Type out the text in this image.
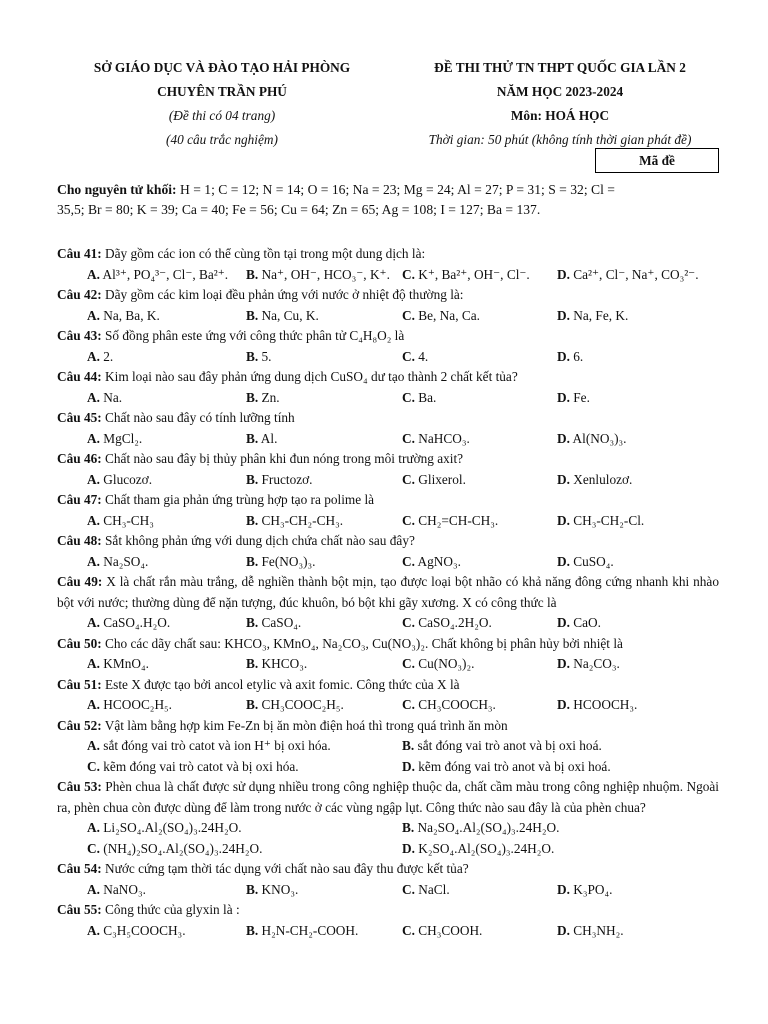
SỞ GIÁO DỤC VÀ ĐÀO TẠO HẢI PHÒNG
CHUYÊN TRẦN PHÚ
(Đề thi có 04 trang)
(40 câu trắc nghiệm)
ĐỀ THI THỬ TN THPT QUỐC GIA LẦN 2
NĂM HỌC 2023-2024
Môn: HOÁ HỌC
Thời gian: 50 phút (không tính thời gian phát đề)
Mã đề
Cho nguyên tử khối: H = 1; C = 12; N = 14; O = 16; Na = 23; Mg = 24; Al = 27; P = 31; S = 32; Cl =
35,5; Br = 80; K = 39; Ca = 40; Fe = 56; Cu = 64; Zn = 65; Ag = 108; I = 127; Ba = 137.
Câu 41: Dãy gồm các ion có thể cùng tồn tại trong một dung dịch là:
A. Al³⁺, PO₄³⁻, Cl⁻, Ba²⁺. B. Na⁺, OH⁻, HCO₃⁻, K⁺. C. K⁺, Ba²⁺, OH⁻, Cl⁻. D. Ca²⁺, Cl⁻, Na⁺, CO₃²⁻.
Câu 42: Dãy gồm các kim loại đều phản ứng với nước ở nhiệt độ thường là:
A. Na, Ba, K.	B. Na, Cu, K.	C. Be, Na, Ca.	D. Na, Fe, K.
Câu 43: Số đồng phân este ứng với công thức phân tử C₄H₈O₂ là
A. 2.	B. 5.	C. 4.	D. 6.
Câu 44: Kim loại nào sau đây phản ứng dung dịch CuSO₄ dư tạo thành 2 chất kết tủa?
A. Na.	B. Zn.	C. Ba.	D. Fe.
Câu 45: Chất nào sau đây có tính lưỡng tính
A. MgCl₂.	B. Al.	C. NaHCO₃.	D. Al(NO₃)₃.
Câu 46: Chất nào sau đây bị thủy phân khi đun nóng trong môi trường axit?
A. Glucozơ.	B. Fructozơ.	C. Glixerol.	D. Xenlulozơ.
Câu 47: Chất tham gia phản ứng trùng hợp tạo ra polime là
A. CH₃-CH₃	B. CH₃-CH₂-CH₃.	C. CH₂=CH-CH₃.	D. CH₃-CH₂-Cl.
Câu 48: Sắt không phản ứng với dung dịch chứa chất nào sau đây?
A. Na₂SO₄.	B. Fe(NO₃)₃.	C. AgNO₃.	D. CuSO₄.
Câu 49: X là chất rắn màu trắng, dễ nghiền thành bột mịn, tạo được loại bột nhão có khả năng đông cứng nhanh khi nhào bột với nước; thường dùng để nặn tượng, đúc khuôn, bó bột khi gãy xương. X có công thức là
A. CaSO₄.H₂O.	B. CaSO₄.	C. CaSO₄.2H₂O.	D. CaO.
Câu 50: Cho các dãy chất sau: KHCO₃, KMnO₄, Na₂CO₃, Cu(NO₃)₂. Chất không bị phân hủy bởi nhiệt là
A. KMnO₄.	B. KHCO₃.	C. Cu(NO₃)₂.	D. Na₂CO₃.
Câu 51: Este X được tạo bởi ancol etylic và axit fomic. Công thức của X là
A. HCOOC₂H₅.	B. CH₃COOC₂H₅.	C. CH₃COOCH₃.	D. HCOOCH₃.
Câu 52: Vật làm bằng hợp kim Fe-Zn bị ăn mòn điện hoá thì trong quá trình ăn mòn
A. sắt đóng vai trò catot và ion H⁺ bị oxi hóa.	B. sắt đóng vai trò anot và bị oxi hoá.
C. kẽm đóng vai trò catot và bị oxi hóa.	D. kẽm đóng vai trò anot và bị oxi hoá.
Câu 53: Phèn chua là chất được sử dụng nhiều trong công nghiệp thuộc da, chất cầm màu trong công nghiệp nhuộm. Ngoài ra, phèn chua còn được dùng để làm trong nước ở các vùng ngập lụt. Công thức nào sau đây là của phèn chua?
A. Li₂SO₄.Al₂(SO₄)₃.24H₂O.	B. Na₂SO₄.Al₂(SO₄)₃.24H₂O.
C. (NH₄)₂SO₄.Al₂(SO₄)₃.24H₂O.	D. K₂SO₄.Al₂(SO₄)₃.24H₂O.
Câu 54: Nước cứng tạm thời tác dụng với chất nào sau đây thu được kết tủa?
A. NaNO₃.	B. KNO₃.	C. NaCl.	D. K₃PO₄.
Câu 55: Công thức của glyxin là :
A. C₃H₅COOCH₃.	B. H₂N-CH₂-COOH.	C. CH₃COOH.	D. CH₃NH₂.
